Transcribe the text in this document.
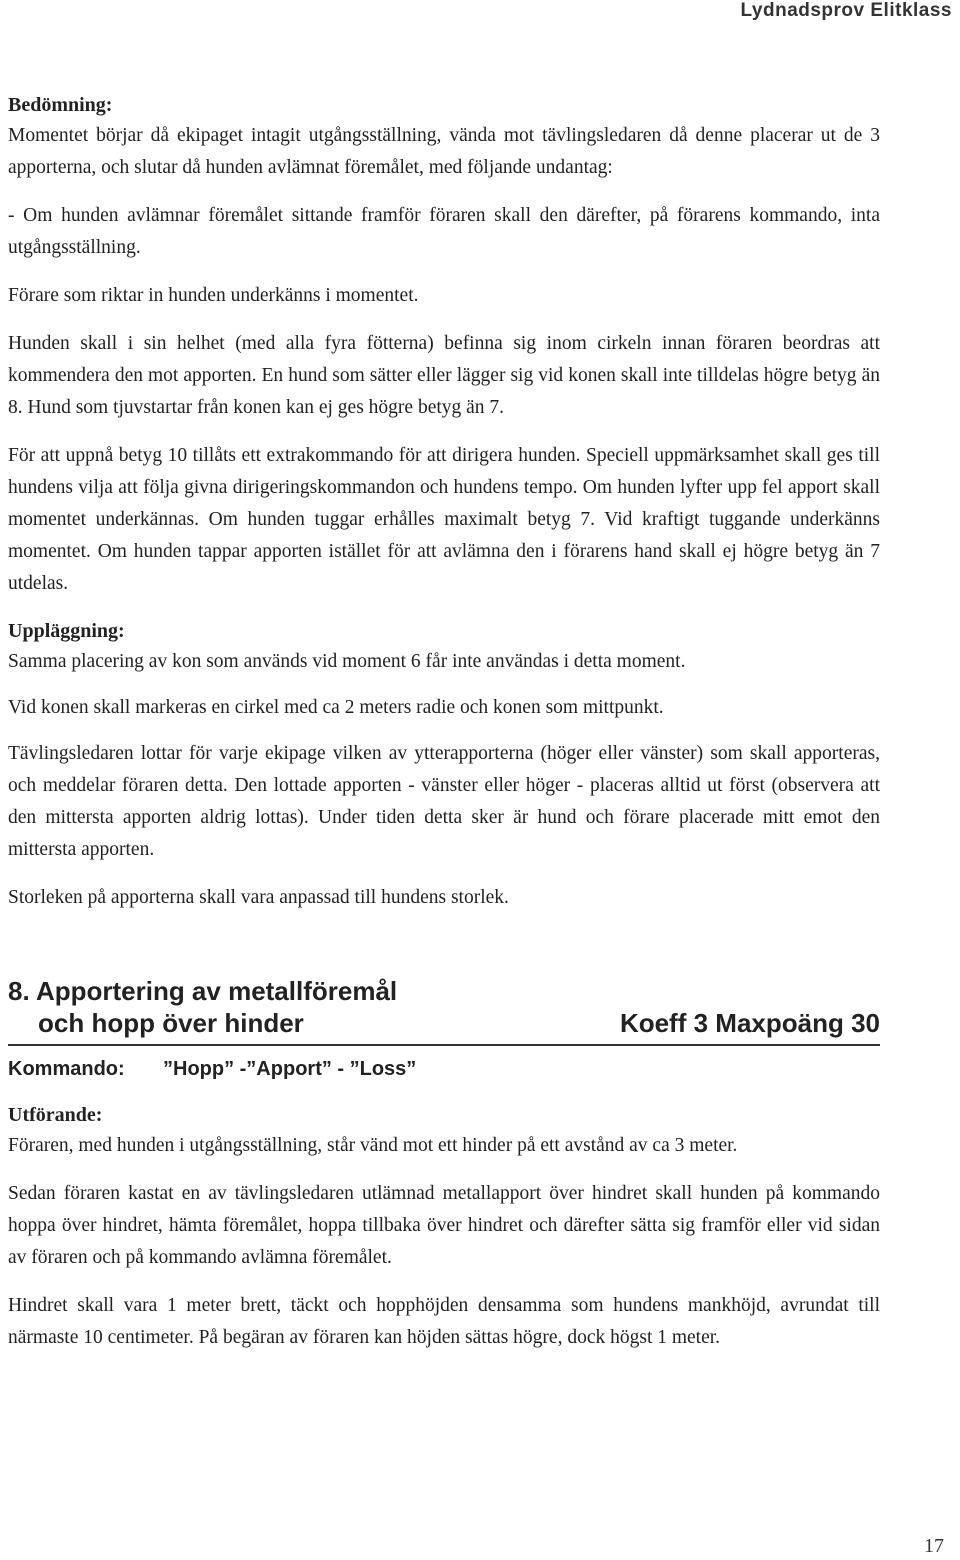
Lydnadsprov Elitklass
Bedömning:

Momentet börjar då ekipaget intagit utgångsställning, vända mot tävlingsledaren då denne placerar ut de 3 apporterna, och slutar då hunden avlämnat föremålet, med följande undantag:

- Om hunden avlämnar föremålet sittande framför föraren skall den därefter, på förarens kommando, inta utgångsställning.

Förare som riktar in hunden underkänns i momentet.

Hunden skall i sin helhet (med alla fyra fötterna) befinna sig inom cirkeln innan föraren beordras att kommendera den mot apporten. En hund som sätter eller lägger sig vid konen skall inte tilldelas högre betyg än 8. Hund som tjuvstartar från konen kan ej ges högre betyg än 7.

För att uppnå betyg 10 tillåts ett extrakommando för att dirigera hunden. Speciell uppmärksamhet skall ges till hundens vilja att följa givna dirigeringskommandon och hundens tempo. Om hunden lyfter upp fel apport skall momentet underkännas. Om hunden tuggar erhålles maximalt betyg 7. Vid kraftigt tuggande underkänns momentet. Om hunden tappar apporten istället för att avlämna den i förarens hand skall ej högre betyg än 7 utdelas.

Uppläggning:

Samma placering av kon som används vid moment 6 får inte användas i detta moment.

Vid konen skall markeras en cirkel med ca 2 meters radie och konen som mittpunkt.

Tävlingsledaren lottar för varje ekipage vilken av ytterapporterna (höger eller vänster) som skall apporteras, och meddelar föraren detta. Den lottade apporten - vänster eller höger - placeras alltid ut först (observera att den mittersta apporten aldrig lottas). Under tiden detta sker är hund och förare placerade mitt emot den mittersta apporten.

Storleken på apporterna skall vara anpassad till hundens storlek.

8. Apportering av metallföremål
och hopp över hinder	Koeff 3 Maxpoäng 30
Kommando: ”Hopp” -”Apport” - ”Loss”
Utförande:

Föraren, med hunden i utgångsställning, står vänd mot ett hinder på ett avstånd av ca 3 meter.

Sedan föraren kastat en av tävlingsledaren utlämnad metallapport över hindret skall hunden på kommando hoppa över hindret, hämta föremålet, hoppa tillbaka över hindret och därefter sätta sig framför eller vid sidan av föraren och på kommando avlämna föremålet.

Hindret skall vara 1 meter brett, täckt och hopphöjden densamma som hundens mankhöjd, avrundat till närmaste 10 centimeter. På begäran av föraren kan höjden sättas högre, dock högst 1 meter.

17
